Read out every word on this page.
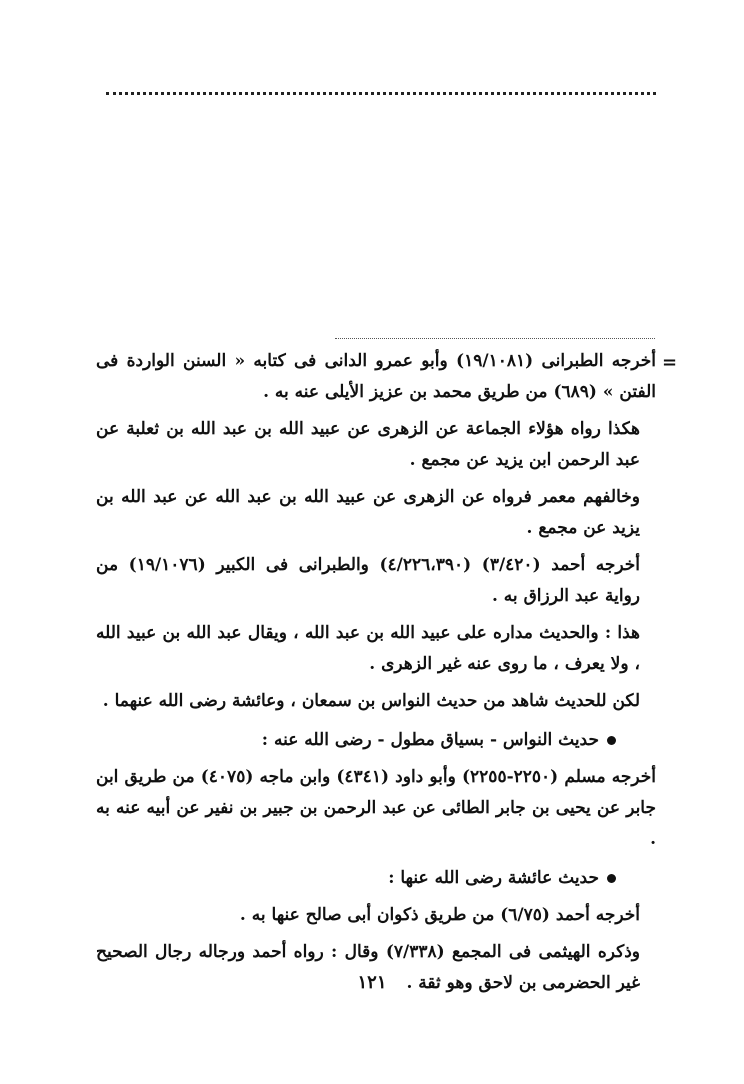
=

أخرجه الطبرانى (١٩/١٠٨١) وأبو عمرو الدانى فى كتابه « السنن الواردة فى الفتن » (٦٨٩) من طريق محمد بن عزيز الأيلى عنه به .

هكذا رواه هؤلاء الجماعة عن الزهرى عن عبيد الله بن عبد الله بن ثعلبة عن عبد الرحمن ابن يزيد عن مجمع .

وخالفهم معمر فرواه عن الزهرى عن عبيد الله بن عبد الله عن عبد الله بن يزيد عن مجمع .

أخرجه أحمد (٣/٤٢٠) (٤/٢٢٦،٣٩٠) والطبرانى فى الكبير (١٩/١٠٧٦) من رواية عبد الرزاق به .

هذا : والحديث مداره على عبيد الله بن عبد الله ، ويقال عبد الله بن عبيد الله ، ولا يعرف ، ما روى عنه غير الزهرى .

لكن للحديث شاهد من حديث النواس بن سمعان ، وعائشة رضى الله عنهما .

حديث النواس - بسياق مطول - رضى الله عنه :

أخرجه مسلم (٢٢٥٠-٢٢٥٥) وأبو داود (٤٣٤١) وابن ماجه (٤٠٧٥) من طريق ابن جابر عن يحيى بن جابر الطائى عن عبد الرحمن بن جبير بن نفير عن أبيه عنه به .

حديث عائشة رضى الله عنها :

أخرجه أحمد (٦/٧٥) من طريق ذكوان أبى صالح عنها به .

وذكره الهيثمى فى المجمع (٧/٣٣٨) وقال : رواه أحمد ورجاله رجال الصحيح غير الحضرمى بن لاحق وهو ثقة .

١٢١
